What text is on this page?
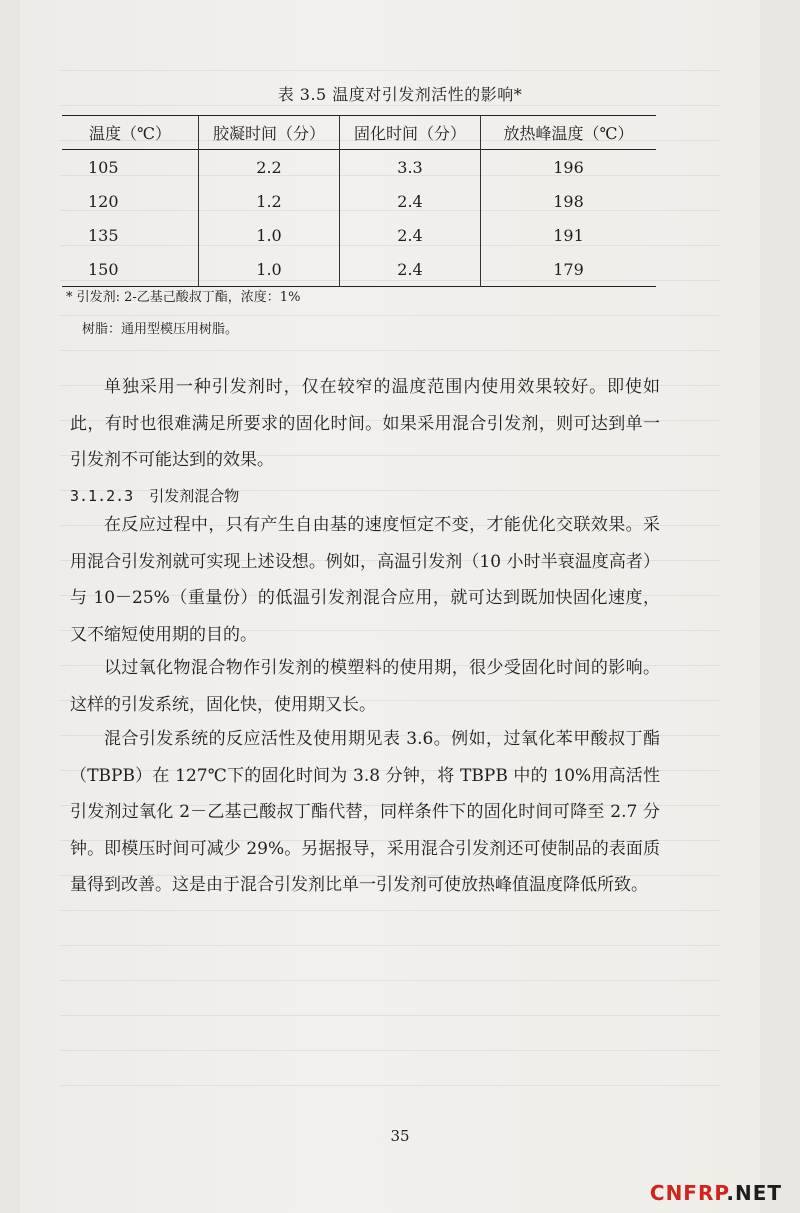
表 3.5 温度对引发剂活性的影响*
温度（℃）	胶凝时间（分）	固化时间（分）	放热峰温度（℃）
105	2.2	3.3	196
120	1.2	2.4	198
135	1.0	2.4	191
150	1.0	2.4	179
* 引发剂: 2-乙基己酸叔丁酯，浓度：1%
树脂：通用型模压用树脂。

单独采用一种引发剂时，仅在较窄的温度范围内使用效果较好。即使如此，有时也很难满足所要求的固化时间。如果采用混合引发剂，则可达到单一引发剂不可能达到的效果。

3.1.2.3 引发剂混合物

在反应过程中，只有产生自由基的速度恒定不变，才能优化交联效果。采用混合引发剂就可实现上述设想。例如，高温引发剂（10 小时半衰温度高者）与 10－25%（重量份）的低温引发剂混合应用，就可达到既加快固化速度，又不缩短使用期的目的。

以过氧化物混合物作引发剂的模塑料的使用期，很少受固化时间的影响。这样的引发系统，固化快，使用期又长。

混合引发系统的反应活性及使用期见表 3.6。例如，过氧化苯甲酸叔丁酯（TBPB）在 127℃下的固化时间为 3.8 分钟，将 TBPB 中的 10%用高活性引发剂过氧化 2－乙基己酸叔丁酯代替，同样条件下的固化时间可降至 2.7 分钟。即模压时间可减少 29%。另据报导，采用混合引发剂还可使制品的表面质量得到改善。这是由于混合引发剂比单一引发剂可使放热峰值温度降低所致。

35
CNFRP.NET
